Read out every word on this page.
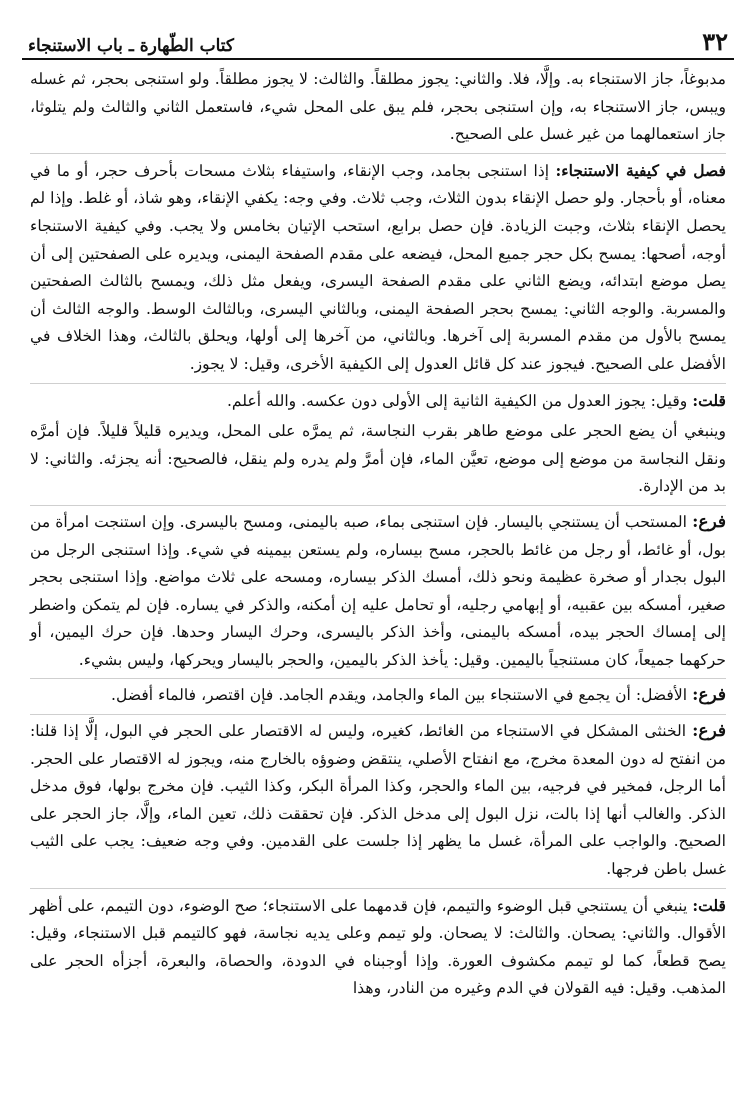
٣٢
كتاب الطّهارة ـ باب الاستنجاء

مدبوغاً، جاز الاستنجاء به. وإلَّا، فلا. والثاني: يجوز مطلقاً. والثالث: لا يجوز مطلقاً. ولو استنجى بحجر، ثم غسله ويبس، جاز الاستنجاء به، وإن استنجى بحجر، فلم يبق على المحل شيء، فاستعمل الثاني والثالث ولم يتلوثا، جاز استعمالهما من غير غسل على الصحيح.

فصل في كيفية الاستنجاء: إذا استنجى بجامد، وجب الإنقاء، واستيفاء بثلاث مسحات بأحرف حجر، أو ما في معناه، أو بأحجار. ولو حصل الإنقاء بدون الثلاث، وجب ثلاث. وفي وجه: يكفي الإنقاء، وهو شاذ، أو غلط. وإذا لم يحصل الإنقاء بثلاث، وجبت الزيادة. فإن حصل برابع، استحب الإتيان بخامس ولا يجب. وفي كيفية الاستنجاء أوجه، أصحها: يمسح بكل حجر جميع المحل، فيضعه على مقدم الصفحة اليمنى، ويديره على الصفحتين إلى أن يصل موضع ابتدائه، ويضع الثاني على مقدم الصفحة اليسرى، ويفعل مثل ذلك، ويمسح بالثالث الصفحتين والمسربة. والوجه الثاني: يمسح بحجر الصفحة اليمنى، وبالثاني اليسرى، وبالثالث الوسط. والوجه الثالث أن يمسح بالأول من مقدم المسربة إلى آخرها. وبالثاني، من آخرها إلى أولها، ويحلق بالثالث، وهذا الخلاف في الأفضل على الصحيح. فيجوز عند كل قائل العدول إلى الكيفية الأخرى، وقيل: لا يجوز.

قلت: وقيل: يجوز العدول من الكيفية الثانية إلى الأولى دون عكسه. والله أعلم.

وينبغي أن يضع الحجر على موضع طاهر بقرب النجاسة، ثم يمرَّه على المحل، ويديره قليلاً قليلاً. فإن أمرَّه ونقل النجاسة من موضع إلى موضع، تعيَّن الماء، فإن أمرَّ ولم يدره ولم ينقل، فالصحيح: أنه يجزئه. والثاني: لا بد من الإدارة.

فرع: المستحب أن يستنجي باليسار. فإن استنجى بماء، صبه باليمنى، ومسح باليسرى. وإن استنجت امرأة من بول، أو غائط، أو رجل من غائط بالحجر، مسح بيساره، ولم يستعن بيمينه في شيء. وإذا استنجى الرجل من البول بجدار أو صخرة عظيمة ونحو ذلك، أمسك الذكر بيساره، ومسحه على ثلاث مواضع. وإذا استنجى بحجر صغير، أمسكه بين عقبيه، أو إبهامي رجليه، أو تحامل عليه إن أمكنه، والذكر في يساره. فإن لم يتمكن واضطر إلى إمساك الحجر بيده، أمسكه باليمنى، وأخذ الذكر باليسرى، وحرك اليسار وحدها. فإن حرك اليمين، أو حركهما جميعاً، كان مستنجياً باليمين. وقيل: يأخذ الذكر باليمين، والحجر باليسار ويحركها، وليس بشيء.

فرع: الأفضل: أن يجمع في الاستنجاء بين الماء والجامد، ويقدم الجامد. فإن اقتصر، فالماء أفضل.

فرع: الخنثى المشكل في الاستنجاء من الغائط، كغيره، وليس له الاقتصار على الحجر في البول، إلَّا إذا قلنا: من انفتح له دون المعدة مخرج، مع انفتاح الأصلي، ينتقض وضوؤه بالخارج منه، ويجوز له الاقتصار على الحجر. أما الرجل، فمخير في فرجيه، بين الماء والحجر، وكذا المرأة البكر، وكذا الثيب. فإن مخرج بولها، فوق مدخل الذكر. والغالب أنها إذا بالت، نزل البول إلى مدخل الذكر. فإن تحققت ذلك، تعين الماء، وإلَّا، جاز الحجر على الصحيح. والواجب على المرأة، غسل ما يظهر إذا جلست على القدمين. وفي وجه ضعيف: يجب على الثيب غسل باطن فرجها.

قلت: ينبغي أن يستنجي قبل الوضوء والتيمم، فإن قدمهما على الاستنجاء؛ صح الوضوء، دون التيمم، على أظهر الأقوال. والثاني: يصحان. والثالث: لا يصحان. ولو تيمم وعلى يديه نجاسة، فهو كالتيمم قبل الاستنجاء، وقيل: يصح قطعاً، كما لو تيمم مكشوف العورة. وإذا أوجبناه في الدودة، والحصاة، والبعرة، أجزأه الحجر على المذهب. وقيل: فيه القولان في الدم وغيره من النادر، وهذا
